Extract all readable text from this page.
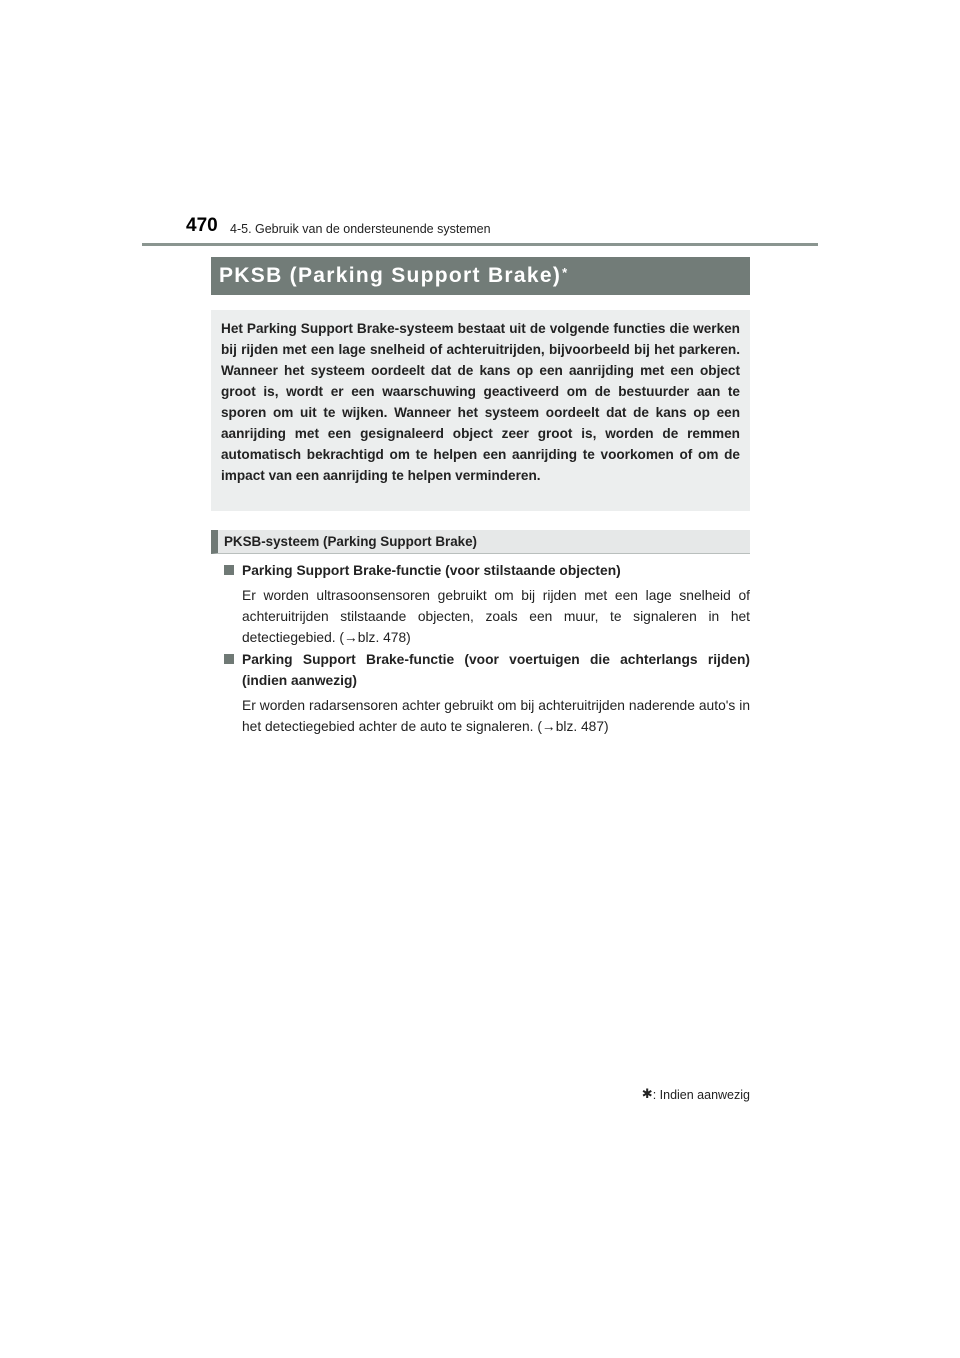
470 4-5. Gebruik van de ondersteunende systemen
PKSB (Parking Support Brake)*
Het Parking Support Brake-systeem bestaat uit de volgende functies die werken bij rijden met een lage snelheid of achteruitrijden, bijvoorbeeld bij het parkeren. Wanneer het systeem oordeelt dat de kans op een aanrijding met een object groot is, wordt er een waarschuwing geactiveerd om de bestuurder aan te sporen om uit te wijken. Wanneer het systeem oordeelt dat de kans op een aanrijding met een gesignaleerd object zeer groot is, worden de remmen automatisch bekrachtigd om te helpen een aanrijding te voorkomen of om de impact van een aanrijding te helpen verminderen.
PKSB-systeem (Parking Support Brake)
Parking Support Brake-functie (voor stilstaande objecten)
Er worden ultrasoonsensoren gebruikt om bij rijden met een lage snelheid of achteruitrijden stilstaande objecten, zoals een muur, te signaleren in het detectiegebied. (→blz. 478)
Parking Support Brake-functie (voor voertuigen die achterlangs rijden) (indien aanwezig)
Er worden radarsensoren achter gebruikt om bij achteruitrijden naderende auto's in het detectiegebied achter de auto te signaleren. (→blz. 487)
✱: Indien aanwezig
